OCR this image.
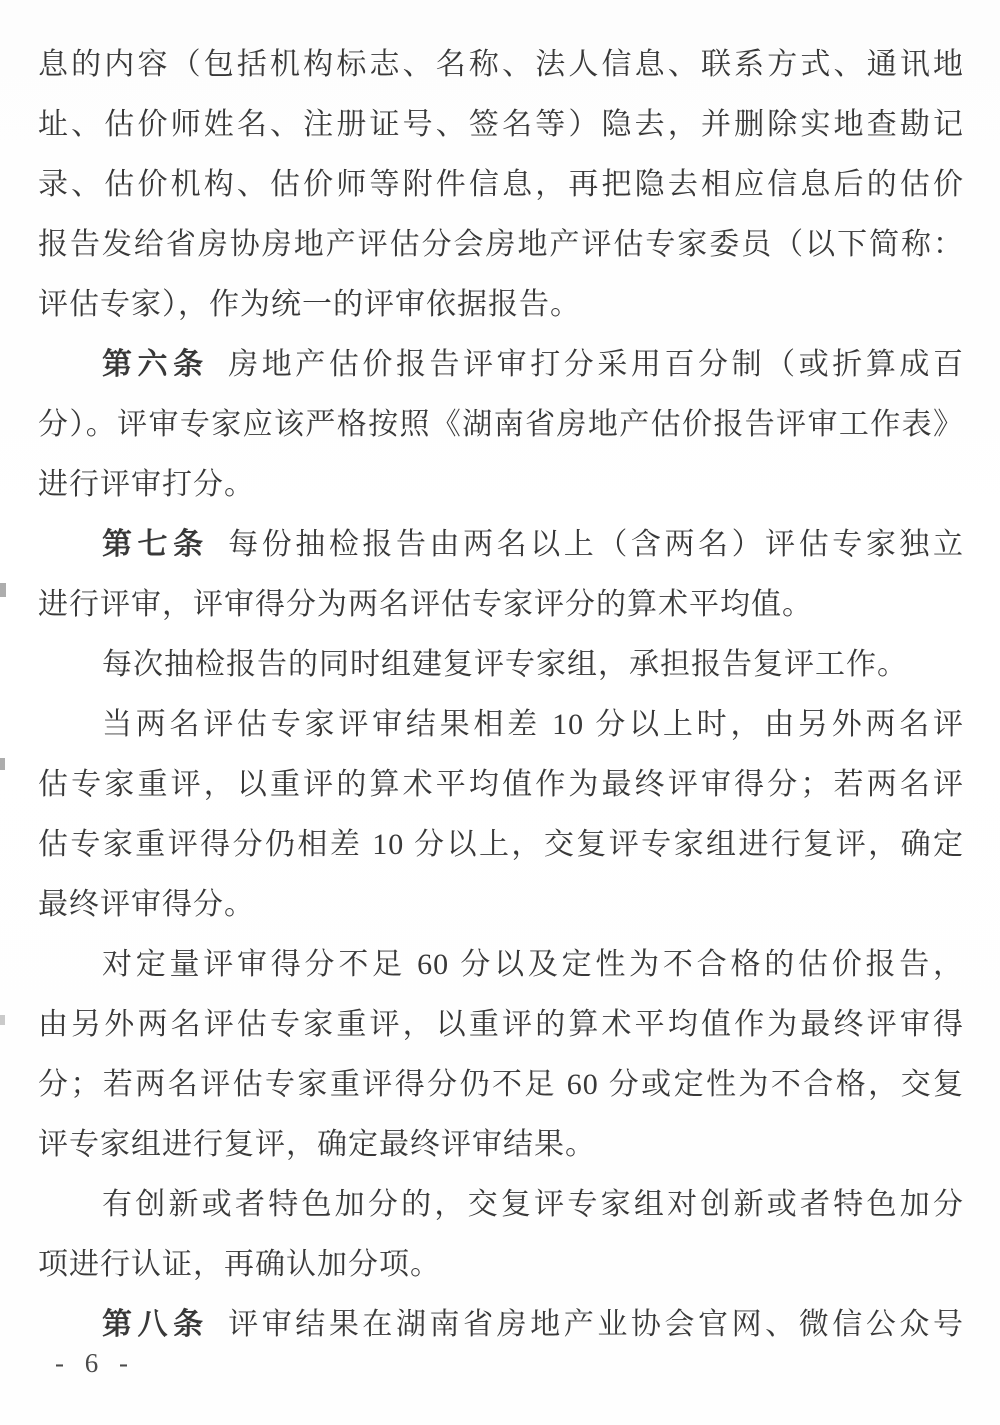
息的内容（包括机构标志、名称、法人信息、联系方式、通讯地
址、估价师姓名、注册证号、签名等）隐去，并删除实地查勘记
录、估价机构、估价师等附件信息，再把隐去相应信息后的估价
报告发给省房协房地产评估分会房地产评估专家委员（以下简称：
评估专家），作为统一的评审依据报告。
第六条 房地产估价报告评审打分采用百分制（或折算成百
分）。评审专家应该严格按照《湖南省房地产估价报告评审工作表》
进行评审打分。
第七条 每份抽检报告由两名以上（含两名）评估专家独立
进行评审，评审得分为两名评估专家评分的算术平均值。
每次抽检报告的同时组建复评专家组，承担报告复评工作。
当两名评估专家评审结果相差 10 分以上时，由另外两名评
估专家重评，以重评的算术平均值作为最终评审得分；若两名评
估专家重评得分仍相差 10 分以上，交复评专家组进行复评，确定
最终评审得分。
对定量评审得分不足 60 分以及定性为不合格的估价报告，
由另外两名评估专家重评，以重评的算术平均值作为最终评审得
分；若两名评估专家重评得分仍不足 60 分或定性为不合格，交复
评专家组进行复评，确定最终评审结果。
有创新或者特色加分的，交复评专家组对创新或者特色加分
项进行认证，再确认加分项。
第八条 评审结果在湖南省房地产业协会官网、微信公众号
- 6 -
